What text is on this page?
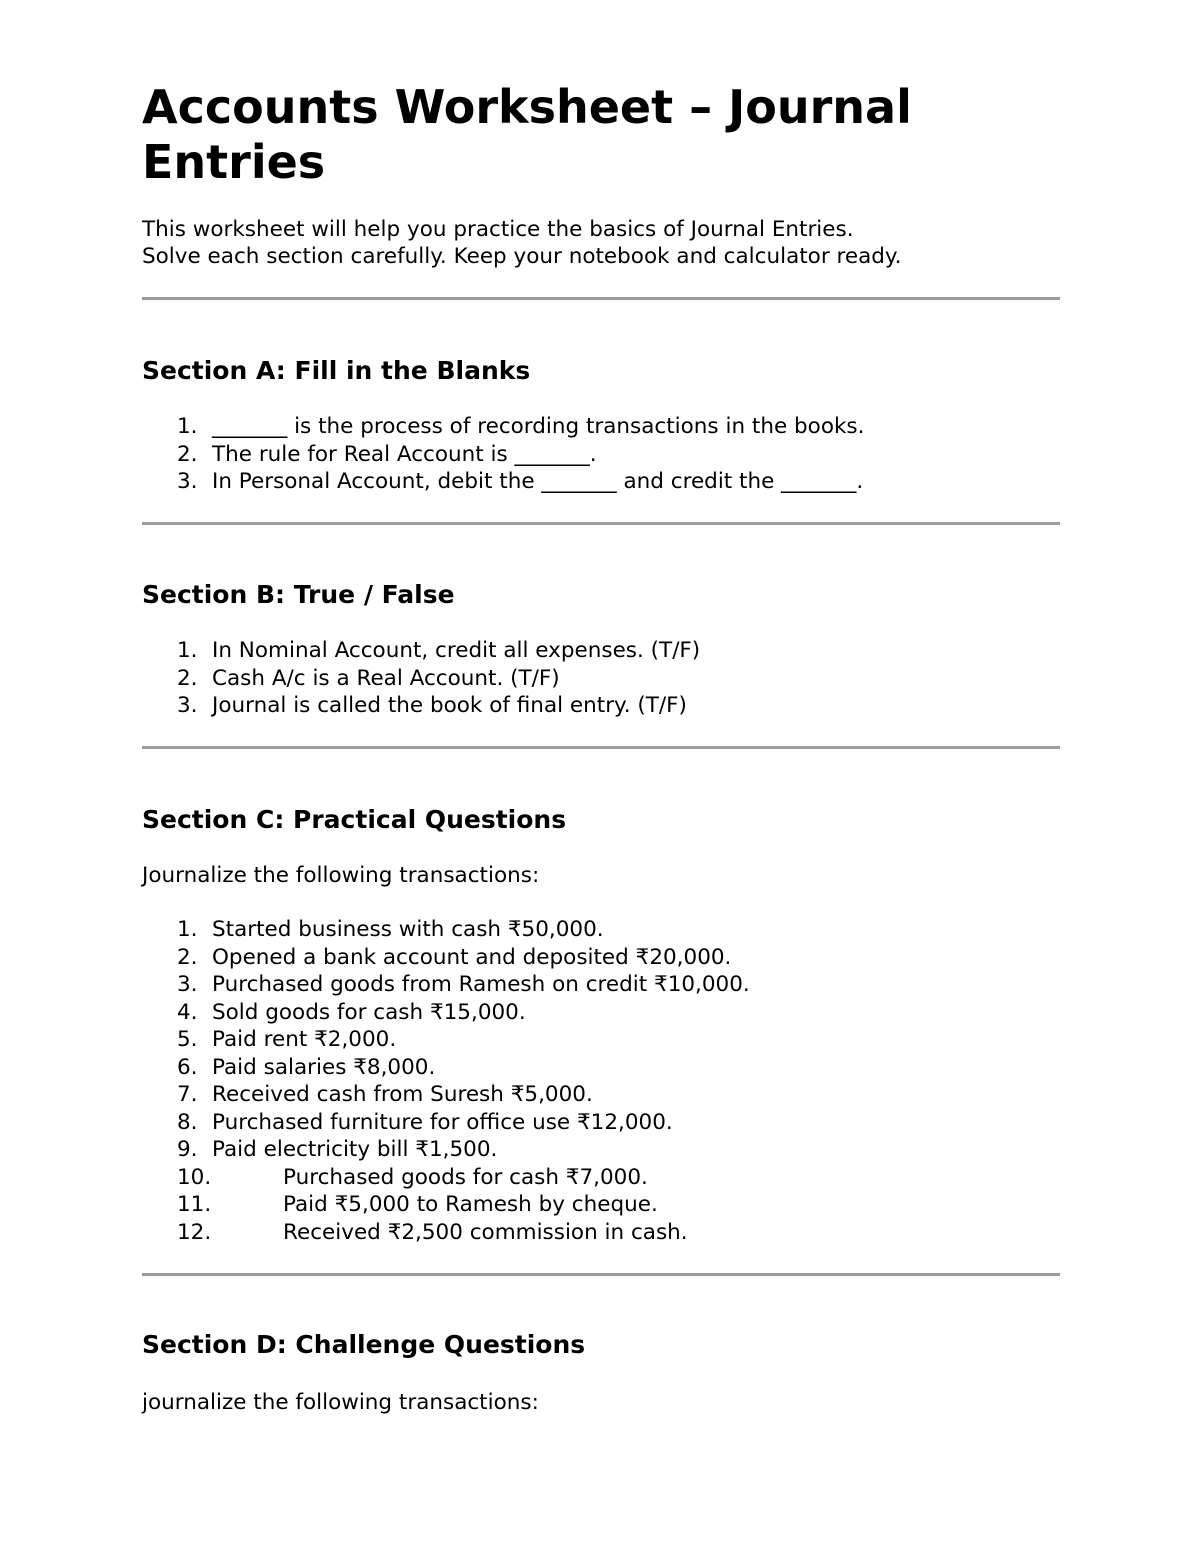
Accounts Worksheet – Journal Entries
This worksheet will help you practice the basics of Journal Entries.
Solve each section carefully. Keep your notebook and calculator ready.
Section A: Fill in the Blanks
1. _______ is the process of recording transactions in the books.
2. The rule for Real Account is _______.
3. In Personal Account, debit the _______ and credit the _______.
Section B: True / False
1. In Nominal Account, credit all expenses. (T/F)
2. Cash A/c is a Real Account. (T/F)
3. Journal is called the book of final entry. (T/F)
Section C: Practical Questions

Journalize the following transactions:

1. Started business with cash ₹50,000.
2. Opened a bank account and deposited ₹20,000.
3. Purchased goods from Ramesh on credit ₹10,000.
4. Sold goods for cash ₹15,000.
5. Paid rent ₹2,000.
6. Paid salaries ₹8,000.
7. Received cash from Suresh ₹5,000.
8. Purchased furniture for office use ₹12,000.
9. Paid electricity bill ₹1,500.
10.	Purchased goods for cash ₹7,000.
11.	Paid ₹5,000 to Ramesh by cheque.
12.	Received ₹2,500 commission in cash.
Section D: Challenge Questions

journalize the following transactions:
